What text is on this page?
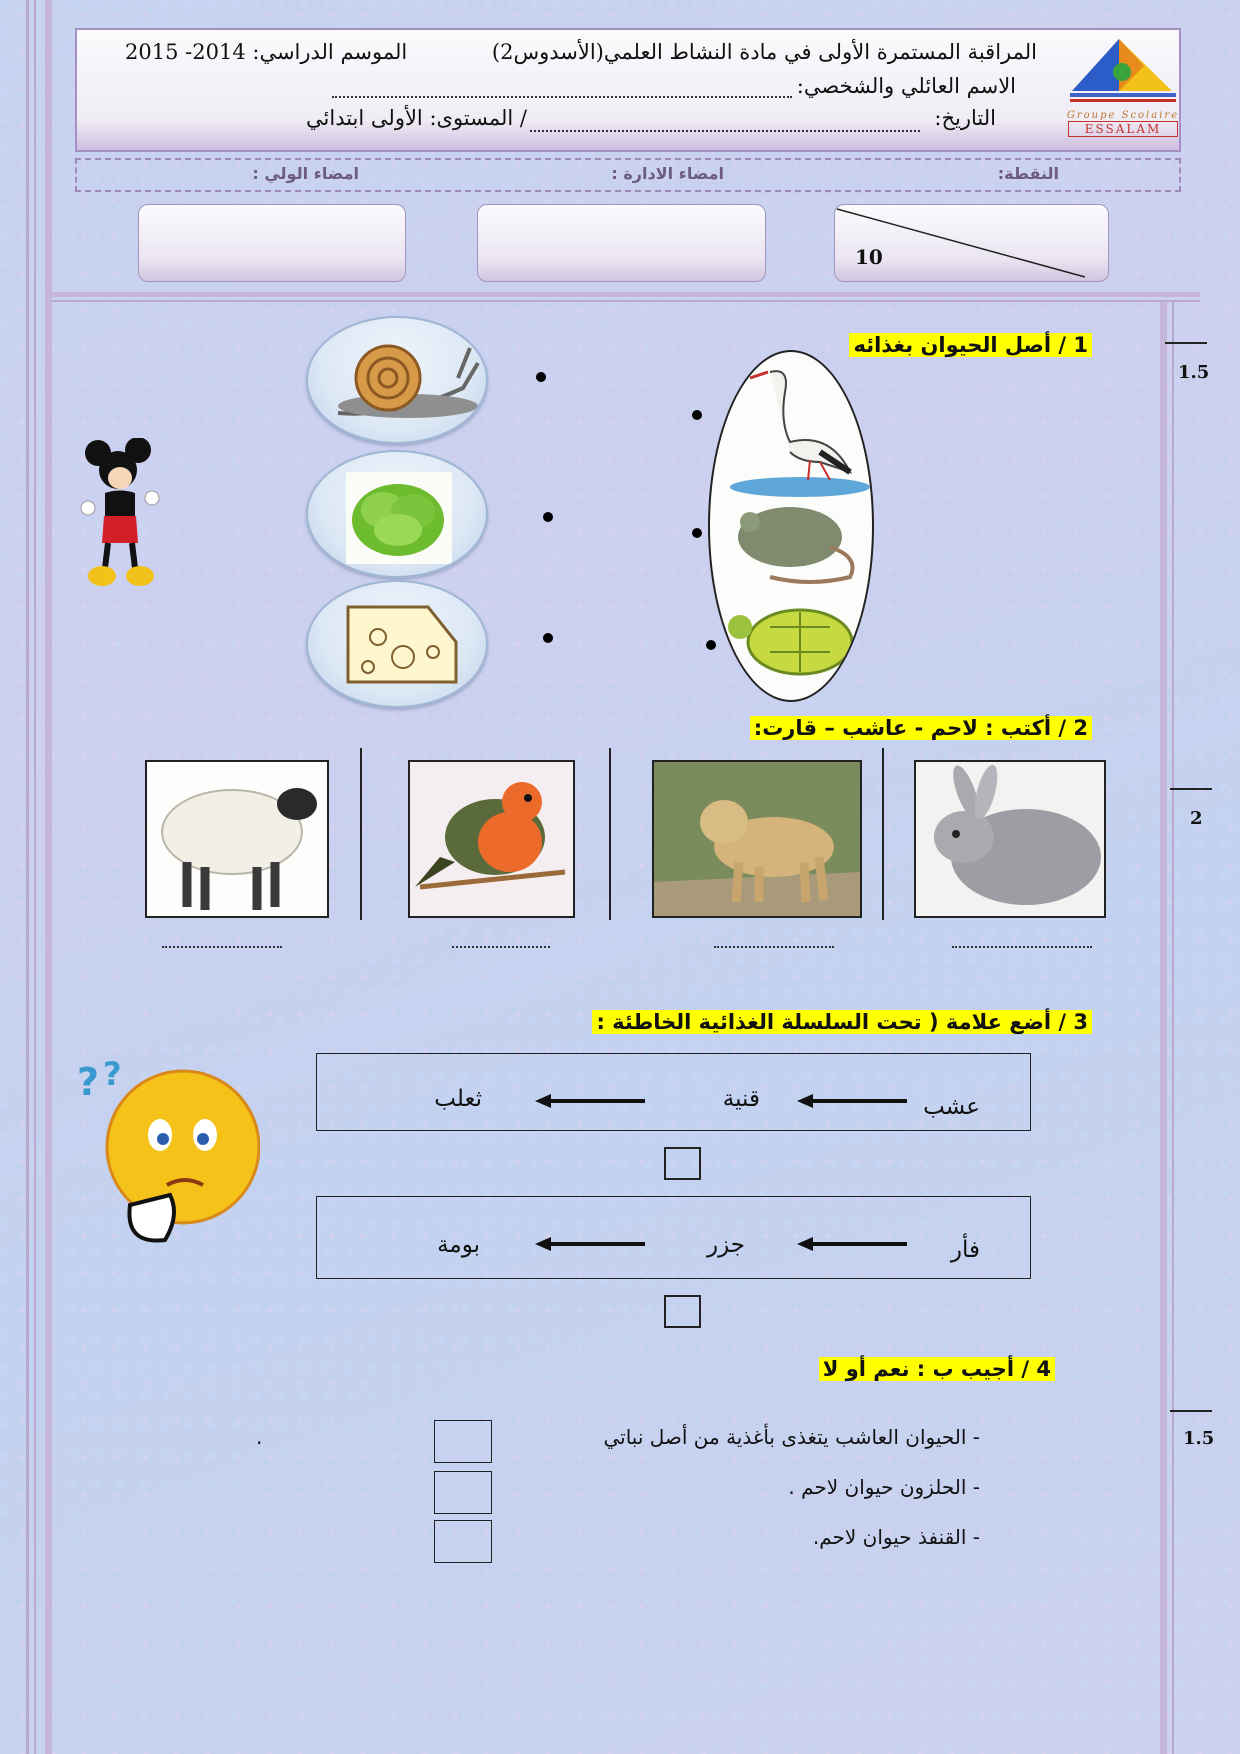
المراقبة المستمرة الأولى في مادة النشاط العلمي(الأسدوس2)
الموسم الدراسي: 2014- 2015
الاسم العائلي والشخصي:
التاريخ:
/ المستوى: الأولى ابتدائي	Groupe Scolaire
ESSALAM
النقطة:
امضاء الادارة :
امضاء الولي :
10
1.5
1 / أصل الحيوان بغذائه
2
2 / أكتب : لاحم - عاشب – قارت:
3 / أضع علامة ( تحت السلسلة الغذائية الخاطئة :
عشب
قنية
ثعلب
فأر
جزر
بومة
? ?
4 / أجيب ب : نعم أو لا
1.5
- الحيوان العاشب يتغذى بأغذية من أصل نباتي
.
- الحلزون حيوان لاحم .
- القنفذ حيوان لاحم.
